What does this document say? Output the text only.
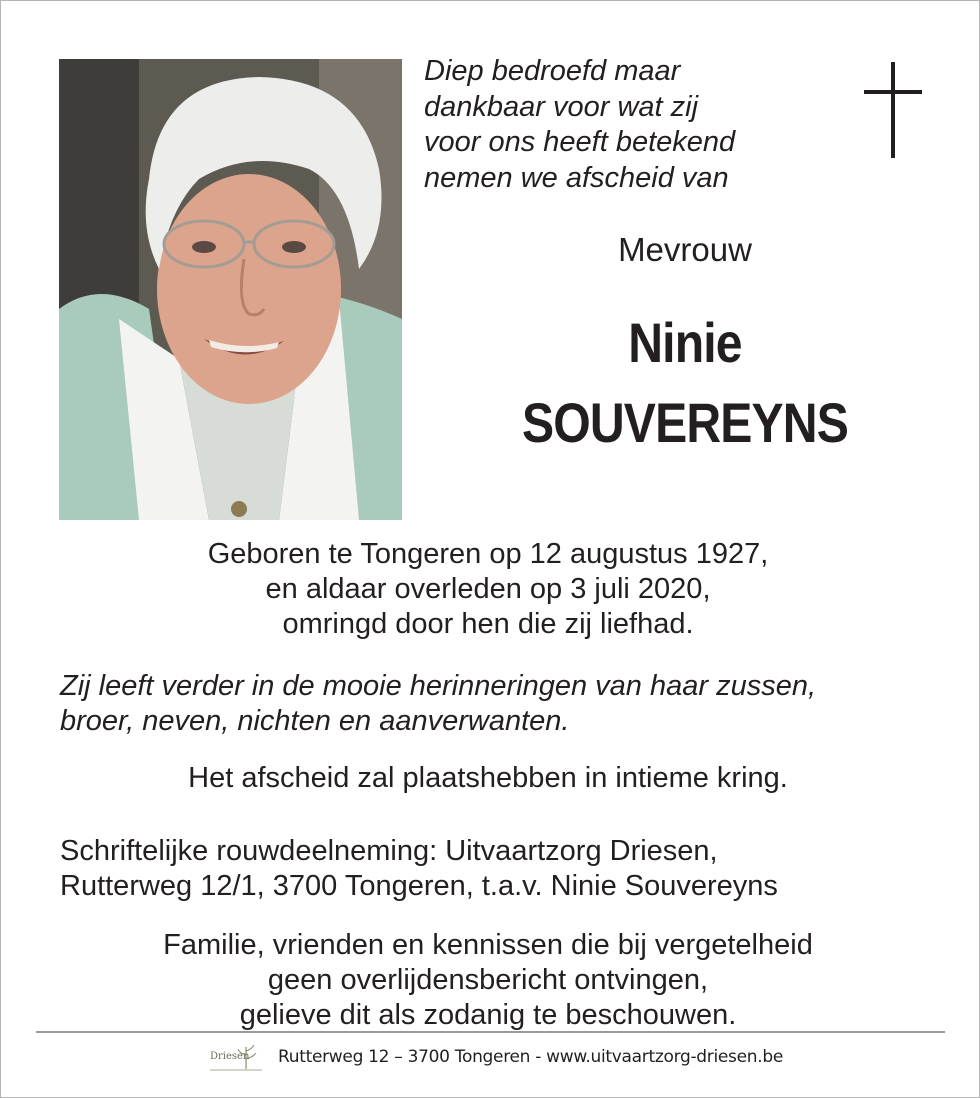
Diep bedroefd maar
dankbaar voor wat zij
voor ons heeft betekend
nemen we afscheid van
Mevrouw
Ninie
SOUVEREYNS
Geboren te Tongeren op 12 augustus 1927,
en aldaar overleden op 3 juli 2020,
omringd door hen die zij liefhad.
Zij leeft verder in de mooie herinneringen van haar zussen,
broer, neven, nichten en aanverwanten.
Het afscheid zal plaatshebben in intieme kring.
Schriftelijke rouwdeelneming: Uitvaartzorg Driesen,
Rutterweg 12/1, 3700 Tongeren, t.a.v. Ninie Souvereyns
Familie, vrienden en kennissen die bij vergetelheid
geen overlijdensbericht ontvingen,
gelieve dit als zodanig te beschouwen.
Driesen Rutterweg 12 – 3700 Tongeren - www.uitvaartzorg-driesen.be
